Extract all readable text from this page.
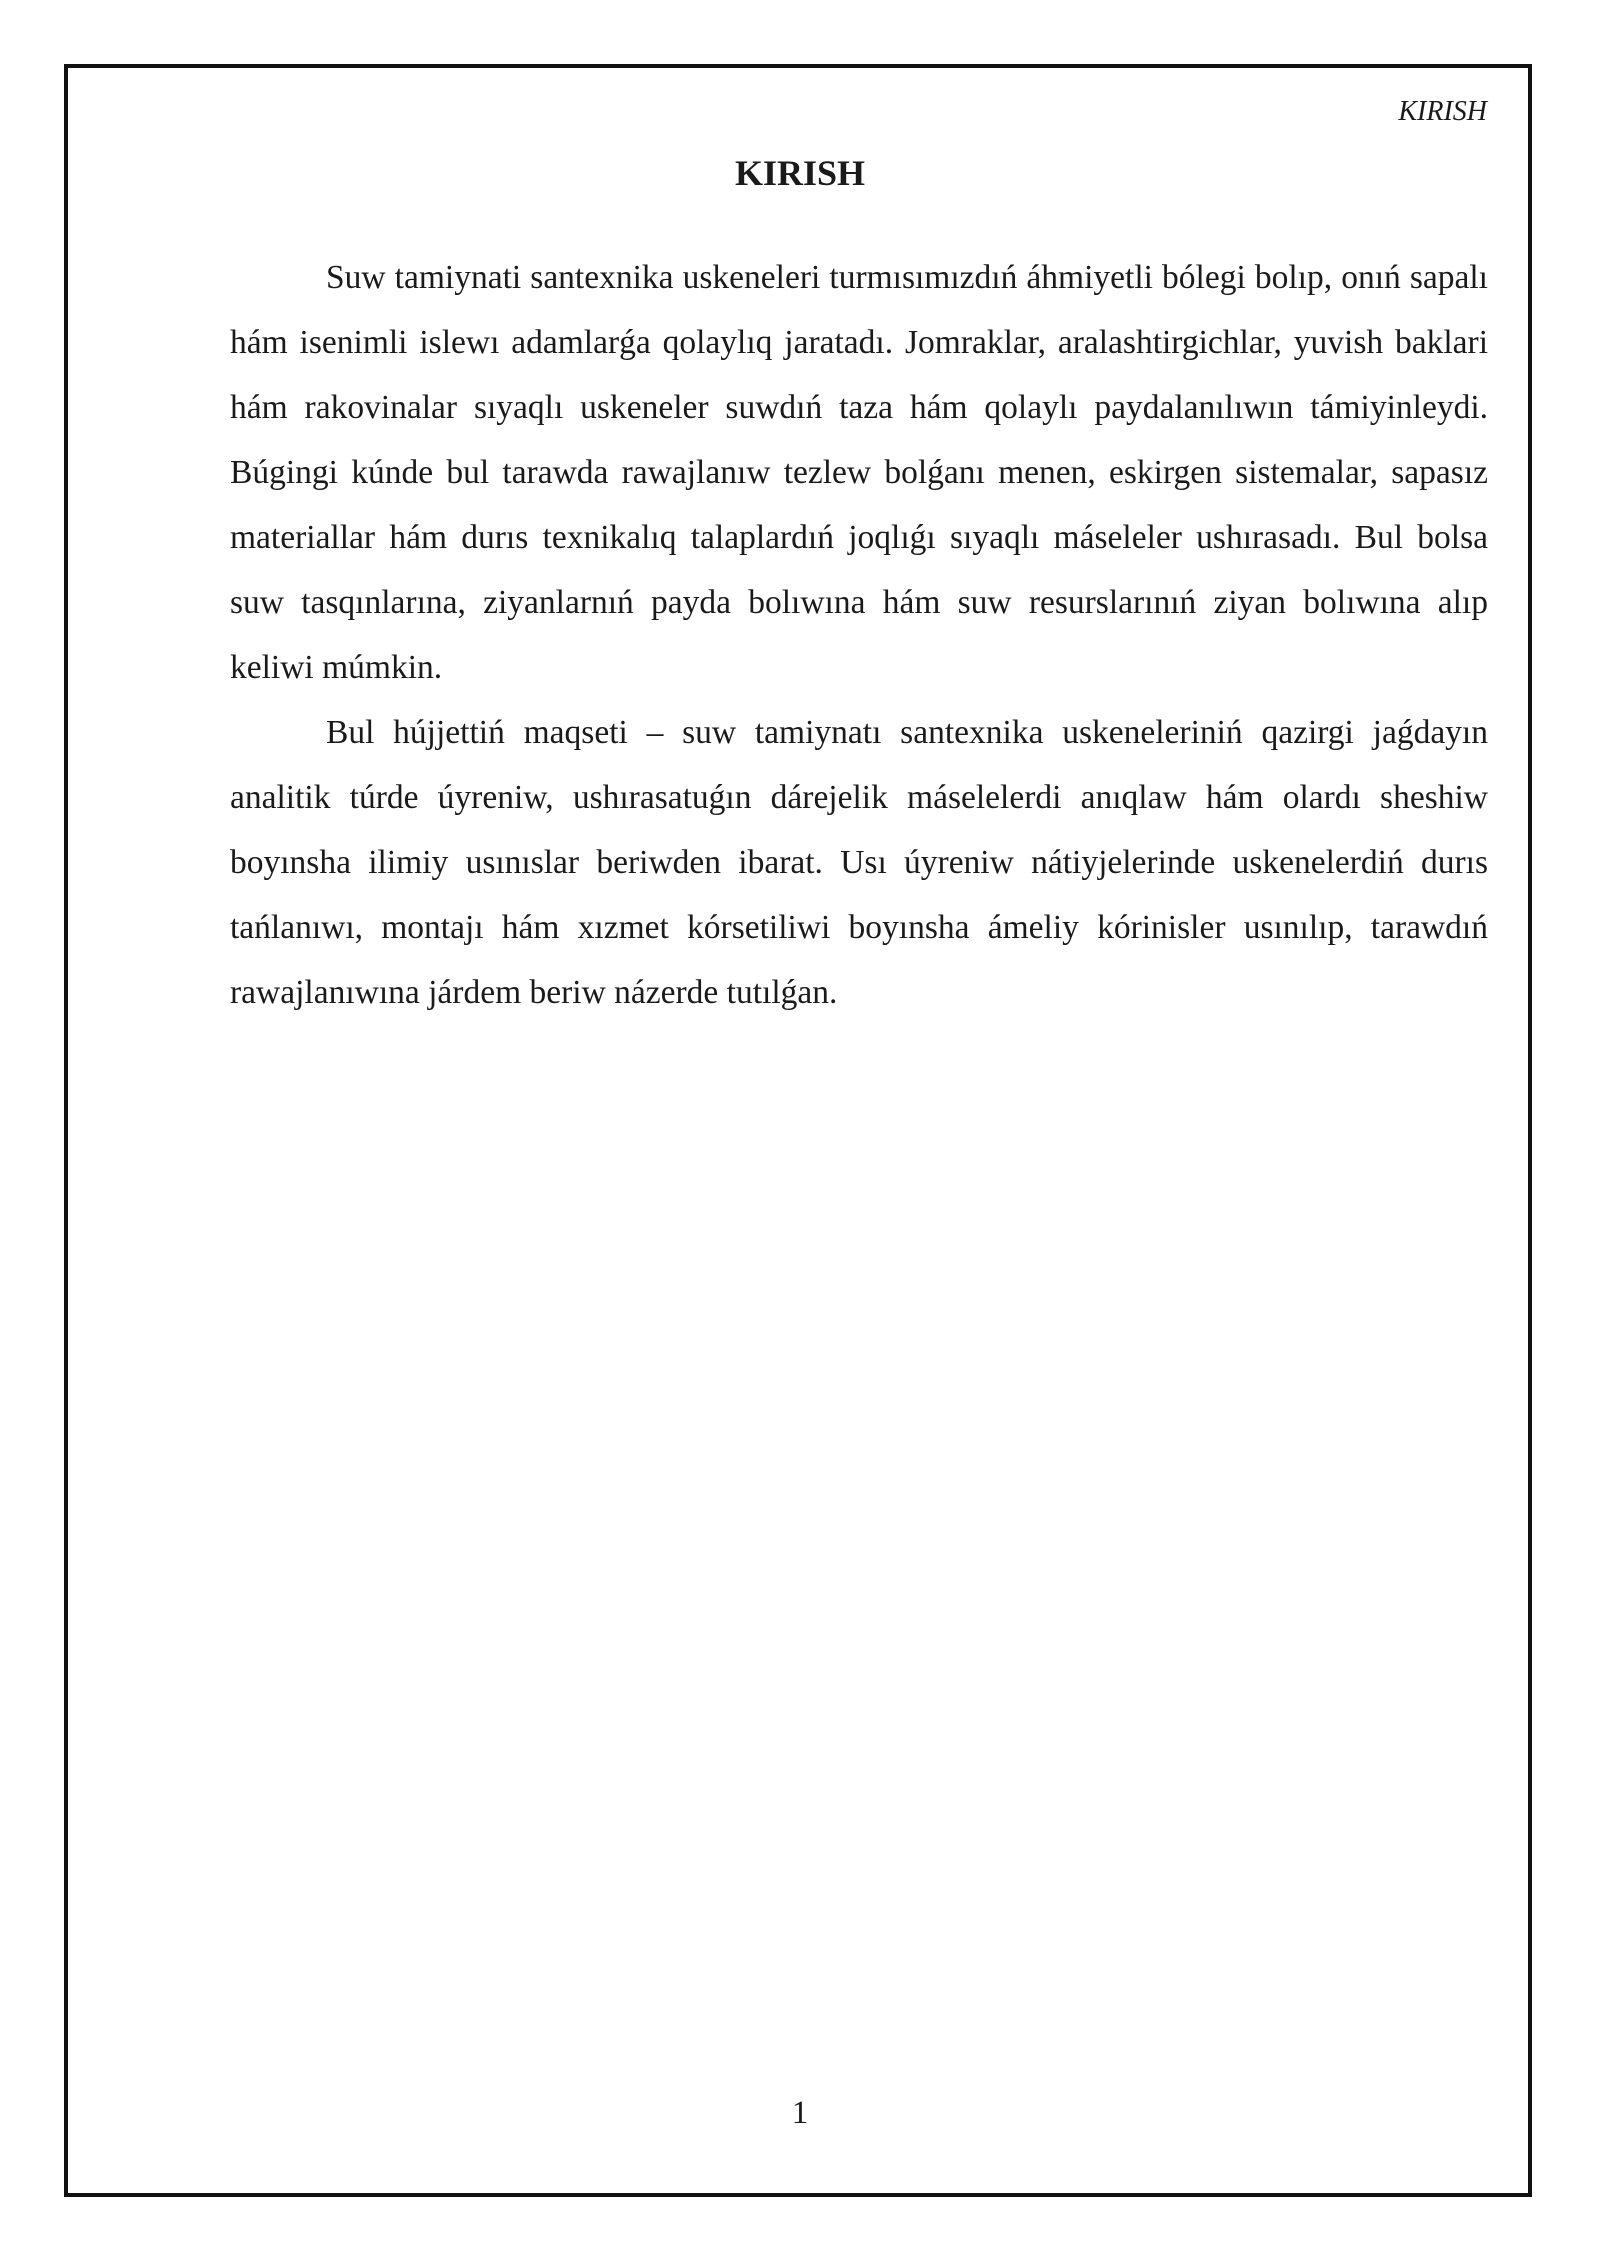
KIRISH
KIRISH

Suw tamiynati santexnika uskeneleri turmısımızdıń áhmiyetli bólegi bolıp, onıń sapalı hám isenimli islewı adamlarǵa qolaylıq jaratadı. Jomraklar, aralashtirgichlar, yuvish baklari hám rakovinalar sıyaqlı uskeneler suwdıń taza hám qolaylı paydalanılıwın támiyinleydi. Búgingi kúnde bul tarawda rawajlanıw tezlew bolǵanı menen, eskirgen sistemalar, sapasız materiallar hám durıs texnikalıq talaplardıń joqlıǵı sıyaqlı máseleler ushırasadı. Bul bolsa suw tasqınlarına, ziyanlarnıń payda bolıwına hám suw resurslarınıń ziyan bolıwına alıp keliwi múmkin.

Bul hújjettiń maqseti – suw tamiynatı santexnika uskeneleriniń qazirgi jaǵdayın analitik túrde úyreniw, ushırasatuǵın dárejelik máselelerdi anıqlaw hám olardı sheshiw boyınsha ilimiy usınıslar beriwden ibarat. Usı úyreniw nátiyjelerinde uskenelerdiń durıs tańlanıwı, montajı hám xızmet kórsetiliwi boyınsha ámeliy kórinisler usınılıp, tarawdıń rawajlanıwına járdem beriw názerde tutılǵan.

1
